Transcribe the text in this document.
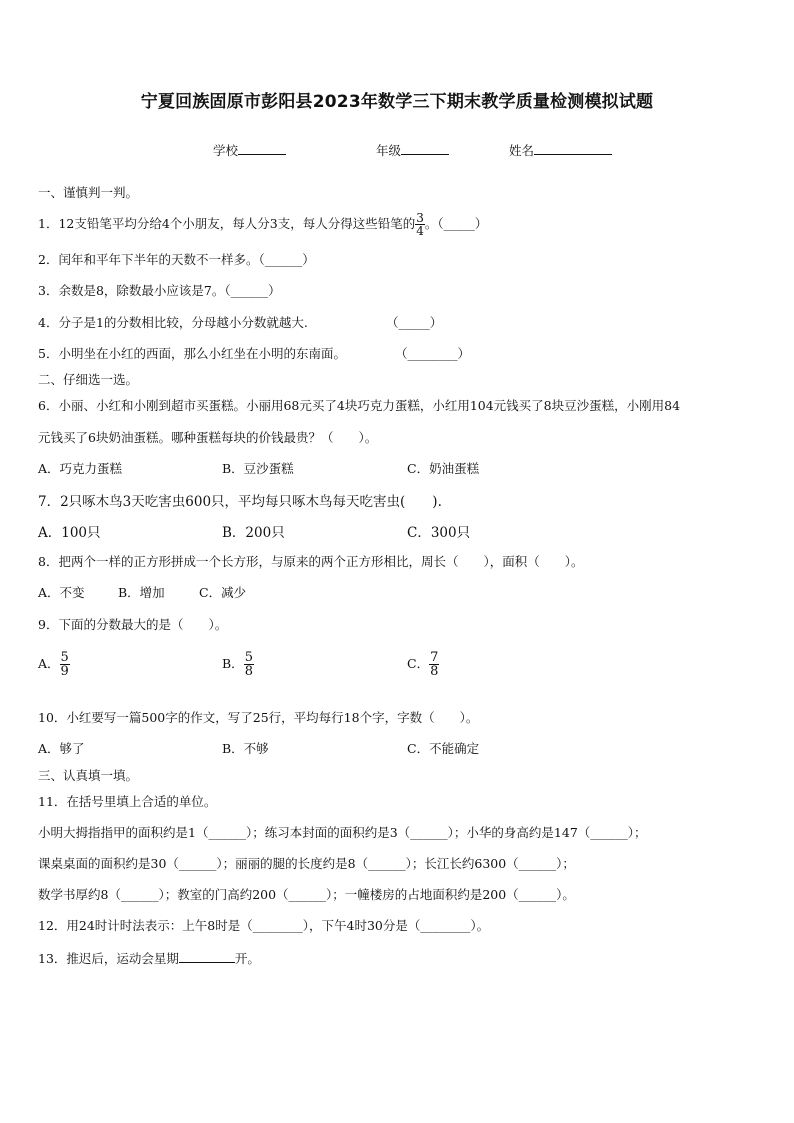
宁夏回族固原市彭阳县2023年数学三下期末教学质量检测模拟试题
学校	年级	姓名
一、谨慎判一判。
1．12支铅笔平均分给4个小朋友，每人分3支，每人分得这些铅笔的 $\frac{3}{4}$ 。（_____）
2．闰年和平年下半年的天数不一样多。（______）
3．余数是8，除数最小应该是7。（______）
4．分子是1的分数相比较，分母越小分数就越大.	（_____）
5．小明坐在小红的西面，那么小红坐在小明的东南面。	（________）
二、仔细选一选。
6．小丽、小红和小刚到超市买蛋糕。小丽用68元买了4块巧克力蛋糕，小红用104元钱买了8块豆沙蛋糕，小刚用84
元钱买了6块奶油蛋糕。哪种蛋糕每块的价钱最贵？（　　）。
A．巧克力蛋糕	B．豆沙蛋糕	C．奶油蛋糕
7．2只啄木鸟3天吃害虫600只，平均每只啄木鸟每天吃害虫(　　).
A．100只	B．200只	C．300只
8．把两个一样的正方形拼成一个长方形，与原来的两个正方形相比，周长（　　），面积（　　）。
A．不变	B．增加	C．减少
9．下面的分数最大的是（　　）。
A． $\frac{5}{9}$	B． $\frac{5}{8}$	C． $\frac{7}{8}$
10．小红要写一篇500字的作文，写了25行，平均每行18个字，字数（　　）。
A．够了	B．不够	C．不能确定
三、认真填一填。
11．在括号里填上合适的单位。
小明大拇指指甲的面积约是1（______）；练习本封面的面积约是3（______）；小华的身高约是147（______）；
课桌桌面的面积约是30（______）；丽丽的腿的长度约是8（______）；长江长约6300（______）；
数学书厚约8（______）；教室的门高约200（______）；一幢楼房的占地面积约是200（______）。
12．用24时计时法表示：上午8时是（________），下午4时30分是（________）。
13．推迟后，运动会星期	开。
